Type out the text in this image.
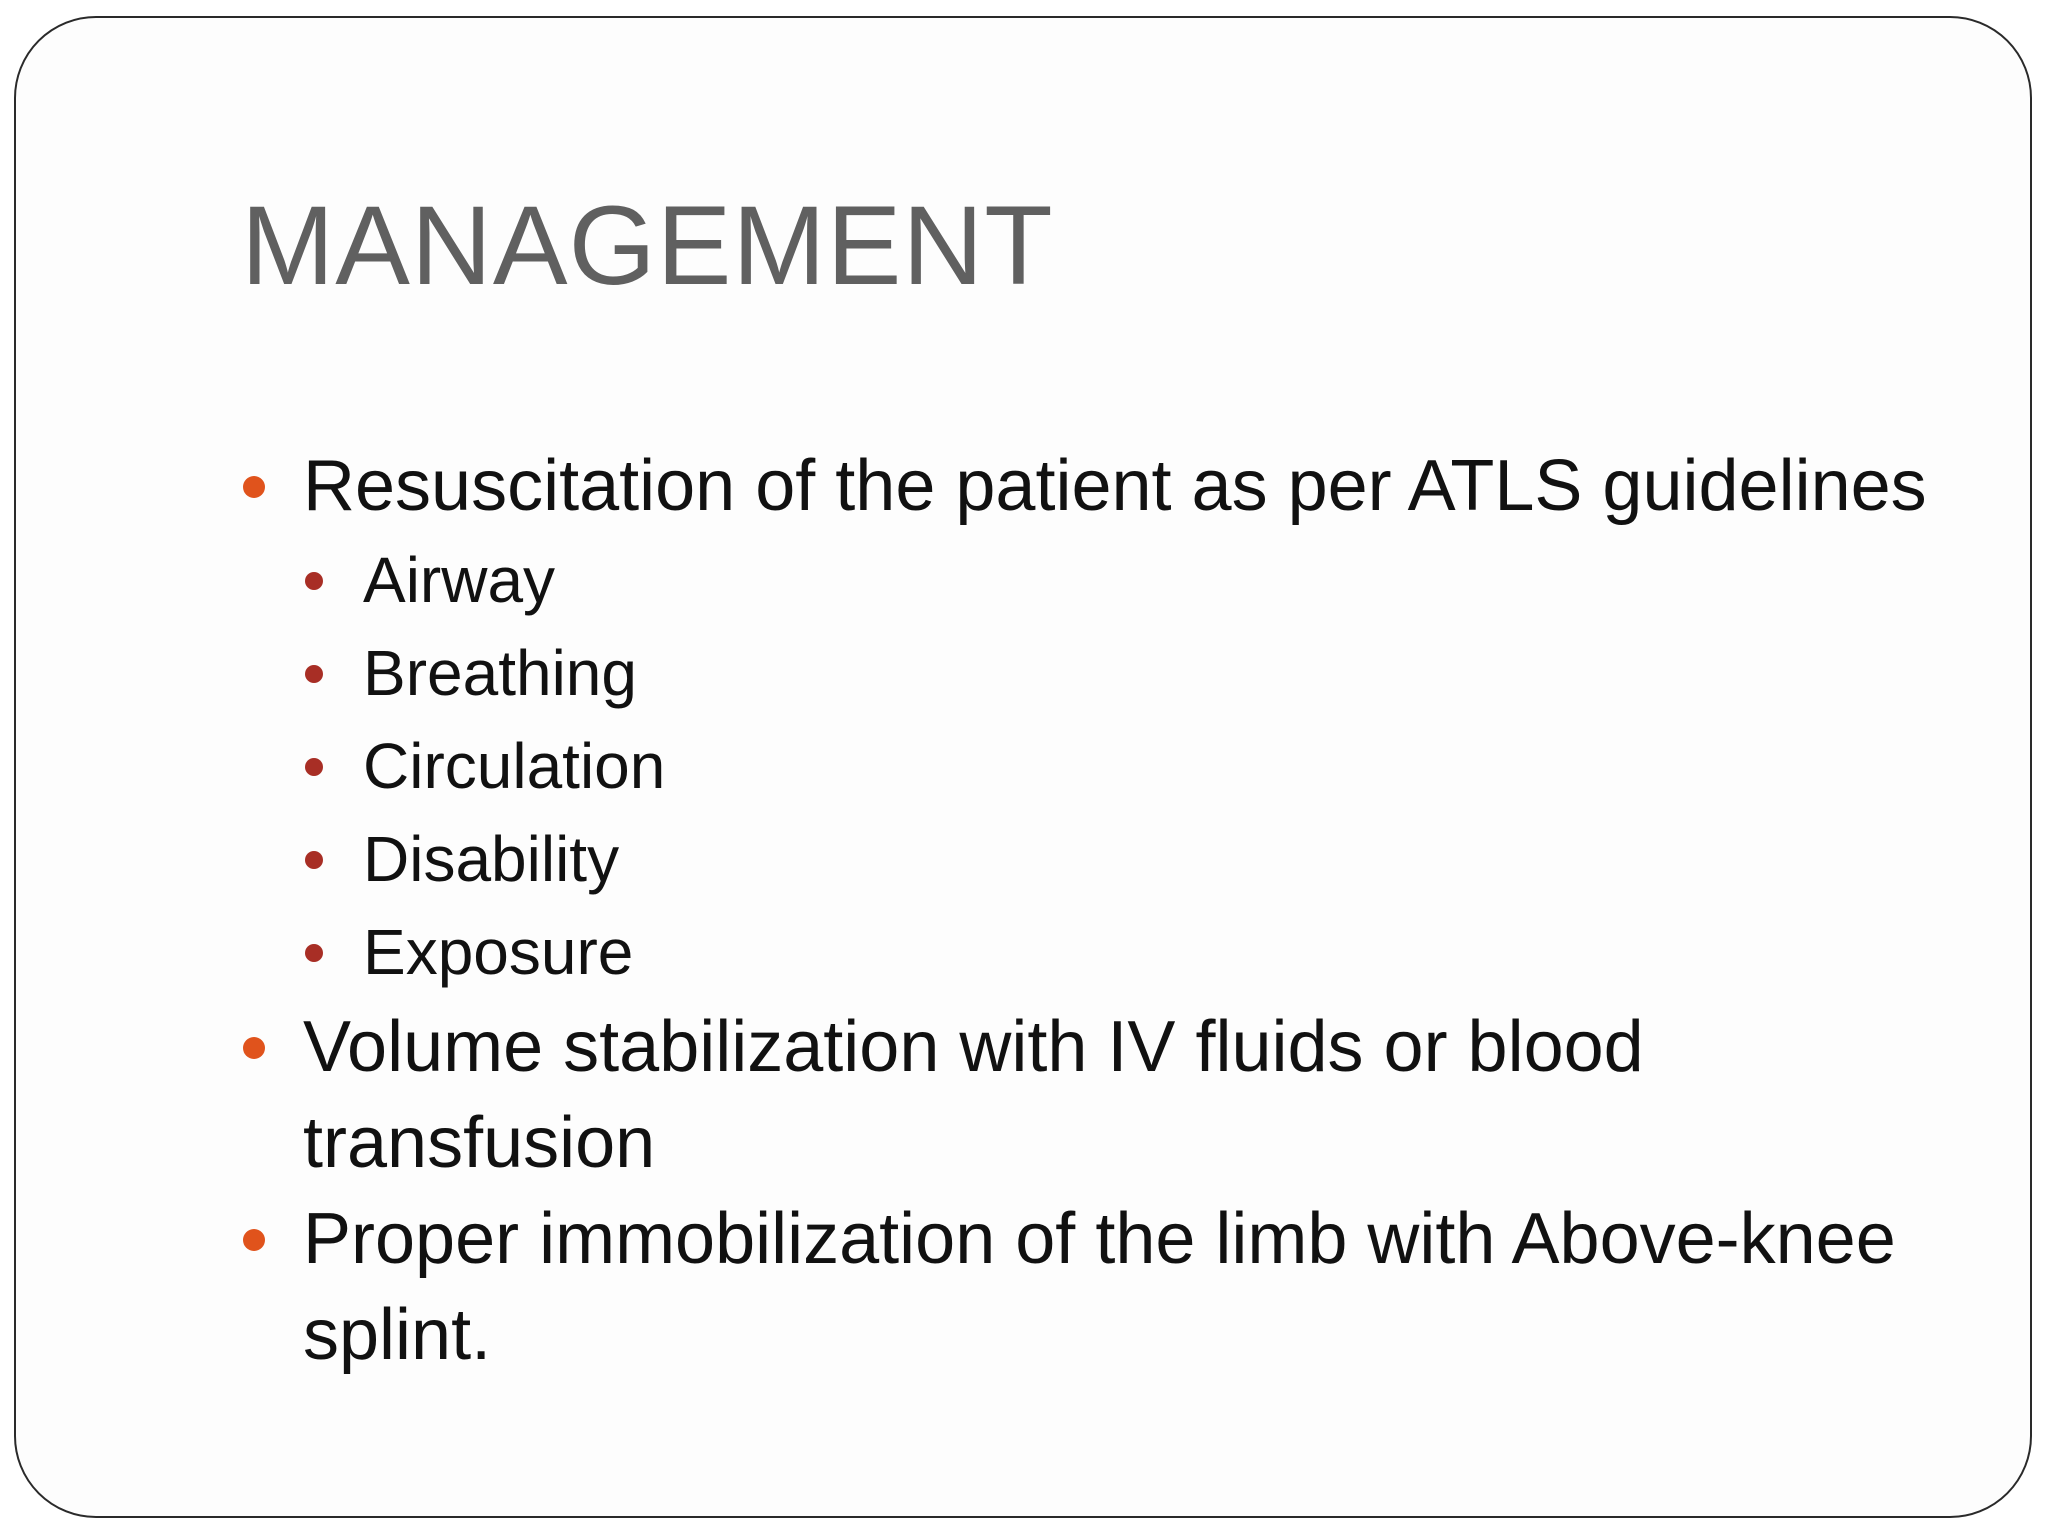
MANAGEMENT
Resuscitation of the patient as per ATLS guidelines
Airway
Breathing
Circulation
Disability
Exposure
Volume stabilization with IV fluids or blood transfusion
Proper immobilization of the limb with Above-knee splint.
